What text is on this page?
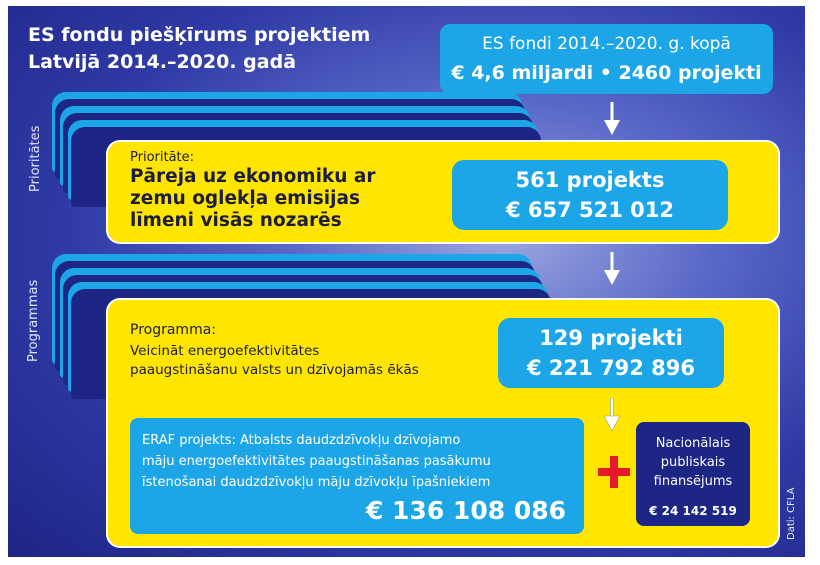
ES fondu piešķīrums projektiem
Latvijā 2014.–2020. gadā
ES fondi 2014.–2020. g. kopā
€ 4,6 miljardi • 2460 projekti
Prioritātes	Prioritāte:
Pāreja uz ekonomiku ar
zemu oglekļa emisijas
līmeni visās nozarēs
561 projekts
€ 657 521 012
Programmas	Programma:
Veicināt energoefektivitātes
paaugstināšanu valsts un dzīvojamās ēkās
129 projekti
€ 221 792 896
ERAF projekts: Atbalsts daudzdzīvokļu dzīvojamo
māju energoefektivitātes paaugstināšanas pasākumu
īstenošanai daudzdzīvokļu māju dzīvokļu īpašniekiem
€ 136 108 086
Nacionālais
publiskais
finansējums
€ 24 142 519	Dati: CFLA
